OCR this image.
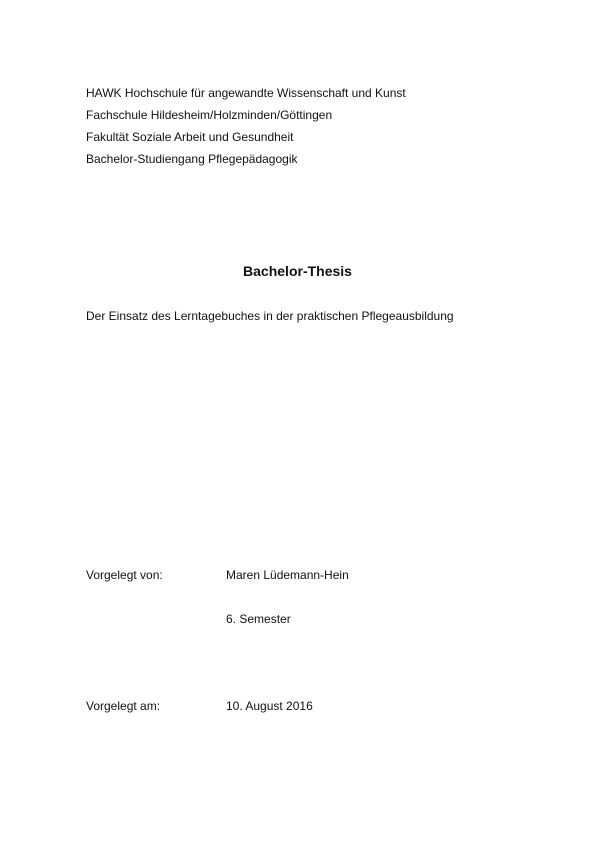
HAWK Hochschule für angewandte Wissenschaft und Kunst
Fachschule Hildesheim/Holzminden/Göttingen
Fakultät Soziale Arbeit und Gesundheit
Bachelor-Studiengang Pflegepädagogik
Bachelor-Thesis
Der Einsatz des Lerntagebuches in der praktischen Pflegeausbildung
Vorgelegt von:	Maren Lüdemann-Hein
6. Semester
Vorgelegt am:	10. August 2016
